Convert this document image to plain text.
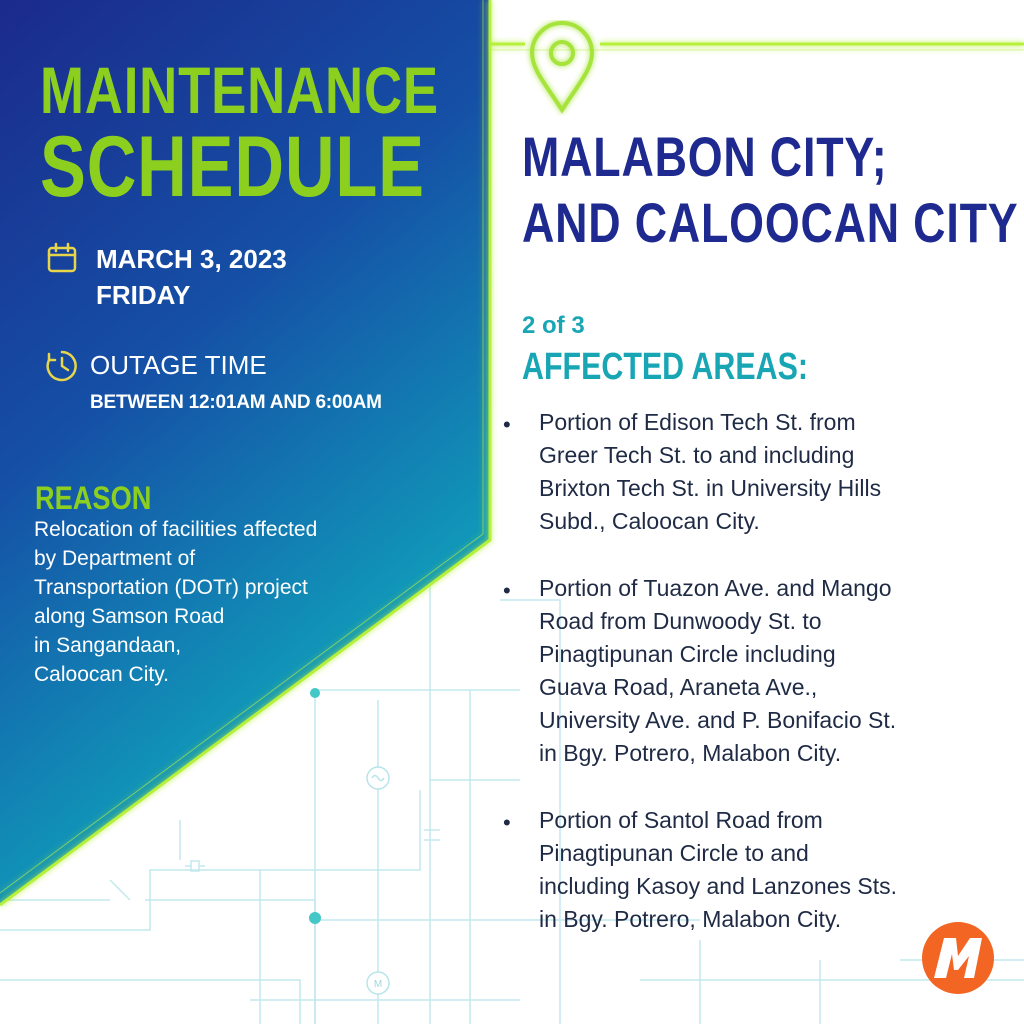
M
MAINTENANCE
SCHEDULE
MARCH 3, 2023
FRIDAY
OUTAGE TIME
BETWEEN 12:01AM AND 6:00AM
REASON
Relocation of facilities affected
by Department of
Transportation (DOTr) project
along Samson Road
in Sangandaan,
Caloocan City.
MALABON CITY;
AND CALOOCAN CITY
2 of 3
AFFECTED AREAS:
• Portion of Edison Tech St. from
Greer Tech St. to and including
Brixton Tech St. in University Hills
Subd., Caloocan City.
• Portion of Tuazon Ave. and Mango
Road from Dunwoody St. to
Pinagtipunan Circle including
Guava Road, Araneta Ave.,
University Ave. and P. Bonifacio St.
in Bgy. Potrero, Malabon City.
• Portion of Santol Road from
Pinagtipunan Circle to and
including Kasoy and Lanzones Sts.
in Bgy. Potrero, Malabon City.
